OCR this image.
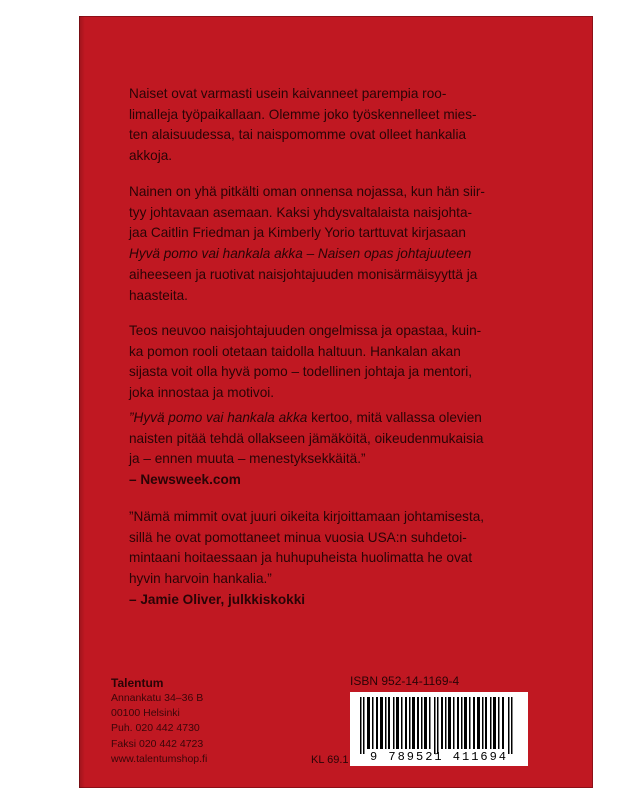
Naiset ovat varmasti usein kaivanneet parempia roo-

limalleja työpaikallaan. Olemme joko työskennelleet mies-

ten alaisuudessa, tai naispomomme ovat olleet hankalia

akkoja.

Nainen on yhä pitkälti oman onnensa nojassa, kun hän siir-

tyy johtavaan asemaan. Kaksi yhdysvaltalaista naisjohta-

jaa Caitlin Friedman ja Kimberly Yorio tarttuvat kirjasaan

Hyvä pomo vai hankala akka – Naisen opas johtajuuteen

aiheeseen ja ruotivat naisjohtajuuden monisärmäisyyttä ja

haasteita.

Teos neuvoo naisjohtajuuden ongelmissa ja opastaa, kuin-

ka pomon rooli otetaan taidolla haltuun. Hankalan akan

sijasta voit olla hyvä pomo – todellinen johtaja ja mentori,

joka innostaa ja motivoi.

”Hyvä pomo vai hankala akka kertoo, mitä vallassa olevien

naisten pitää tehdä ollakseen jämäköitä, oikeudenmukaisia

ja – ennen muuta – menestyksekkäitä.”

– Newsweek.com

”Nämä mimmit ovat juuri oikeita kirjoittamaan johtamisesta,

sillä he ovat pomottaneet minua vuosia USA:n suhdetoi-

mintaani hoitaessaan ja huhupuheista huolimatta he ovat

hyvin harvoin hankalia.”

– Jamie Oliver, julkkiskokki

Talentum
Annankatu 34–36 B
00100 Helsinki
Puh. 020 442 4730
Faksi 020 442 4723
www.talentumshop.fi
ISBN 952-14-1169-4
9 789521 411694
KL 69.1
